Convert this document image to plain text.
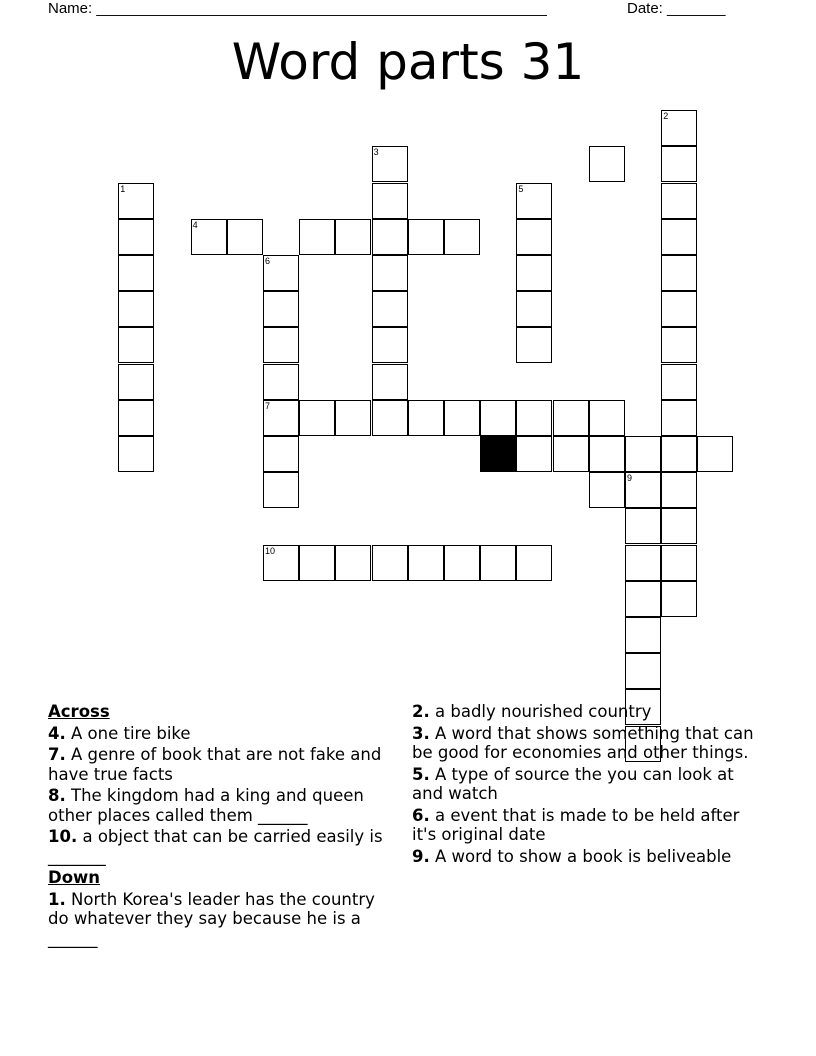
Name: ______________________________________________________	Date: _______
Word parts 31
1
3
6
7
4
5
2
8
10
9
Across
4. A one tire bike
7. A genre of book that are not fake and have true facts
8. The kingdom had a king and queen other places called them ______
10. a object that can be carried easily is _______
Down
1. North Korea's leader has the country do whatever they say because he is a ______
2. a badly nourished country
3. A word that shows something that can be good for economies and other things.
5. A type of source the you can look at and watch
6. a event that is made to be held after it's original date
9. A word to show a book is beliveable
